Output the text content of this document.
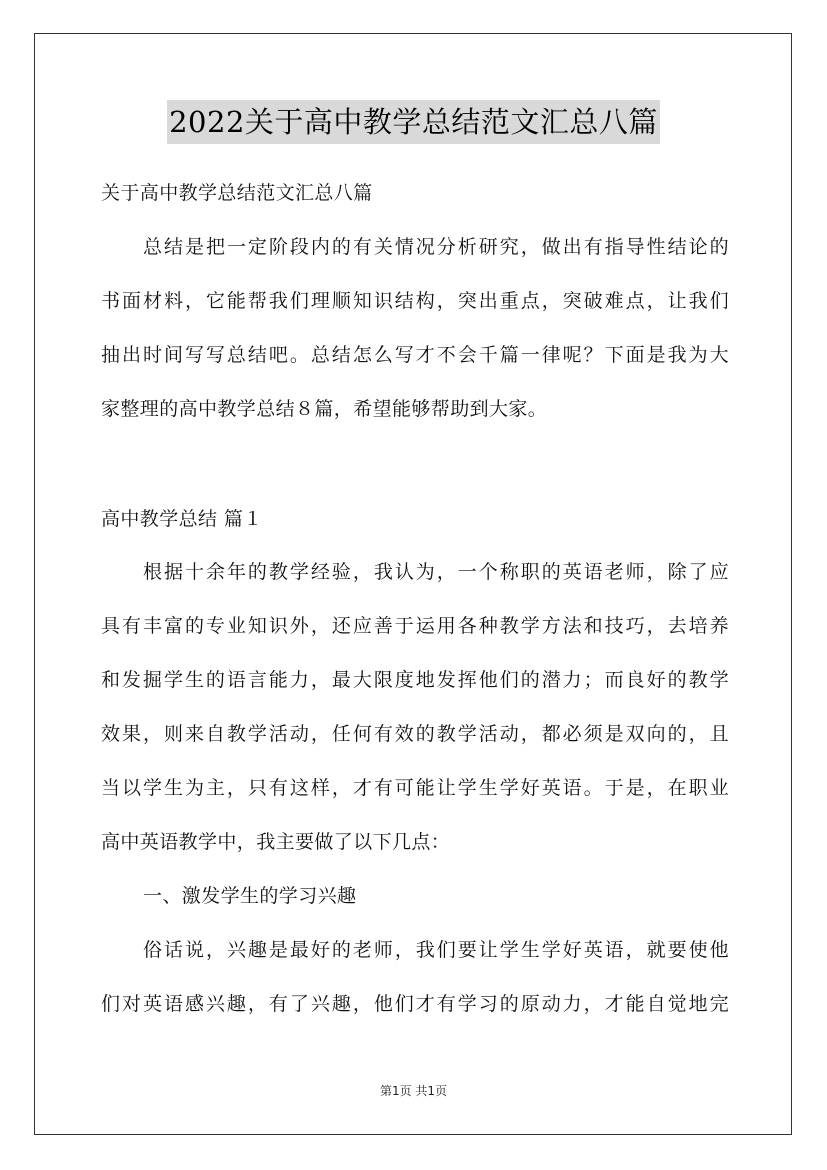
2022关于高中教学总结范文汇总八篇
关于高中教学总结范文汇总八篇
总结是把一定阶段内的有关情况分析研究，做出有指导性结论的
书面材料，它能帮我们理顺知识结构，突出重点，突破难点，让我们
抽出时间写写总结吧。总结怎么写才不会千篇一律呢？下面是我为大
家整理的高中教学总结８篇，希望能够帮助到大家。
高中教学总结 篇１
根据十余年的教学经验，我认为，一个称职的英语老师，除了应
具有丰富的专业知识外，还应善于运用各种教学方法和技巧，去培养
和发掘学生的语言能力，最大限度地发挥他们的潜力；而良好的教学
效果，则来自教学活动，任何有效的教学活动，都必须是双向的，且
当以学生为主，只有这样，才有可能让学生学好英语。于是，在职业
高中英语教学中，我主要做了以下几点：
一、激发学生的学习兴趣
俗话说，兴趣是最好的老师，我们要让学生学好英语，就要使他
们对英语感兴趣，有了兴趣，他们才有学习的原动力，才能自觉地完
第1页 共1页
